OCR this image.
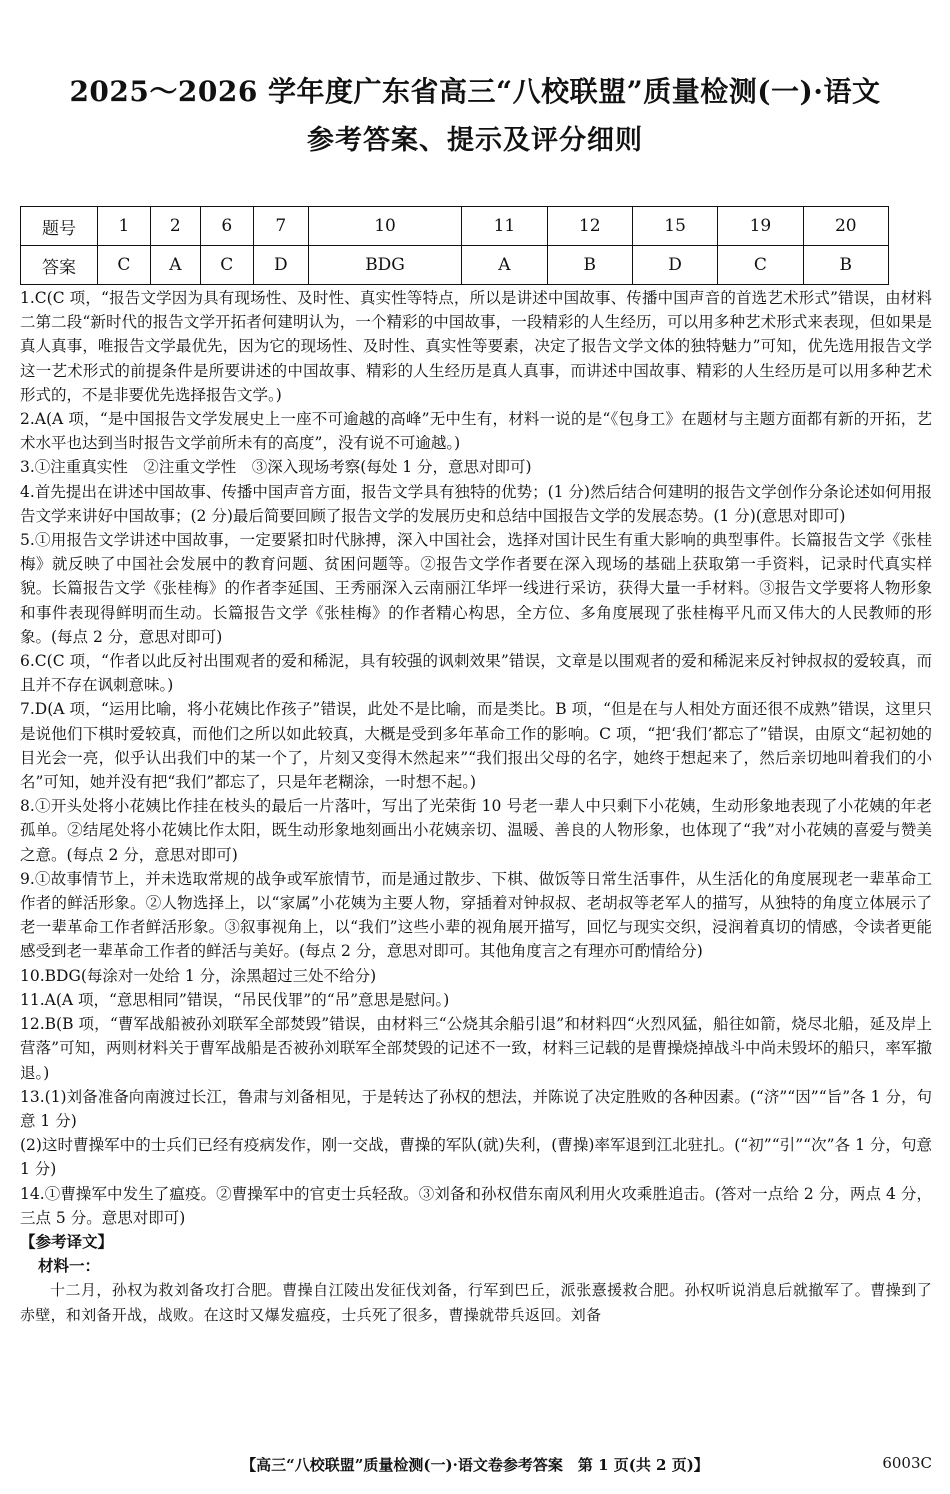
2025～2026 学年度广东省高三“八校联盟”质量检测(一)·语文
参考答案、提示及评分细则
题号	1	2	6	7	10	11	12	15	19	20
答案	C	A	C	D	BDG	A	B	D	C	B

1.C(C 项，“报告文学因为具有现场性、及时性、真实性等特点，所以是讲述中国故事、传播中国声音的首选艺术形式”错误，由材料二第二段“新时代的报告文学开拓者何建明认为，一个精彩的中国故事，一段精彩的人生经历，可以用多种艺术形式来表现，但如果是真人真事，唯报告文学最优先，因为它的现场性、及时性、真实性等要素，决定了报告文学文体的独特魅力”可知，优先选用报告文学这一艺术形式的前提条件是所要讲述的中国故事、精彩的人生经历是真人真事，而讲述中国故事、精彩的人生经历是可以用多种艺术形式的，不是非要优先选择报告文学。)

2.A(A 项，“是中国报告文学发展史上一座不可逾越的高峰”无中生有，材料一说的是“《包身工》在题材与主题方面都有新的开拓，艺术水平也达到当时报告文学前所未有的高度”，没有说不可逾越。)

3.①注重真实性　②注重文学性　③深入现场考察(每处 1 分，意思对即可)

4.首先提出在讲述中国故事、传播中国声音方面，报告文学具有独特的优势；(1 分)然后结合何建明的报告文学创作分条论述如何用报告文学来讲好中国故事；(2 分)最后简要回顾了报告文学的发展历史和总结中国报告文学的发展态势。(1 分)(意思对即可)

5.①用报告文学讲述中国故事，一定要紧扣时代脉搏，深入中国社会，选择对国计民生有重大影响的典型事件。长篇报告文学《张桂梅》就反映了中国社会发展中的教育问题、贫困问题等。②报告文学作者要在深入现场的基础上获取第一手资料，记录时代真实样貌。长篇报告文学《张桂梅》的作者李延国、王秀丽深入云南丽江华坪一线进行采访，获得大量一手材料。③报告文学要将人物形象和事件表现得鲜明而生动。长篇报告文学《张桂梅》的作者精心构思，全方位、多角度展现了张桂梅平凡而又伟大的人民教师的形象。(每点 2 分，意思对即可)

6.C(C 项，“作者以此反衬出围观者的爱和稀泥，具有较强的讽刺效果”错误，文章是以围观者的爱和稀泥来反衬钟叔叔的爱较真，而且并不存在讽刺意味。)

7.D(A 项，“运用比喻，将小花姨比作孩子”错误，此处不是比喻，而是类比。B 项，“但是在与人相处方面还很不成熟”错误，这里只是说他们下棋时爱较真，而他们之所以如此较真，大概是受到多年革命工作的影响。C 项，“把‘我们’都忘了”错误，由原文“起初她的目光会一亮，似乎认出我们中的某一个了，片刻又变得木然起来”“我们报出父母的名字，她终于想起来了，然后亲切地叫着我们的小名”可知，她并没有把“我们”都忘了，只是年老糊涂，一时想不起。)

8.①开头处将小花姨比作挂在枝头的最后一片落叶，写出了光荣街 10 号老一辈人中只剩下小花姨，生动形象地表现了小花姨的年老孤单。②结尾处将小花姨比作太阳，既生动形象地刻画出小花姨亲切、温暖、善良的人物形象，也体现了“我”对小花姨的喜爱与赞美之意。(每点 2 分，意思对即可)

9.①故事情节上，并未选取常规的战争或军旅情节，而是通过散步、下棋、做饭等日常生活事件，从生活化的角度展现老一辈革命工作者的鲜活形象。②人物选择上，以“家属”小花姨为主要人物，穿插着对钟叔叔、老胡叔等老军人的描写，从独特的角度立体展示了老一辈革命工作者鲜活形象。③叙事视角上，以“我们”这些小辈的视角展开描写，回忆与现实交织，浸润着真切的情感，令读者更能感受到老一辈革命工作者的鲜活与美好。(每点 2 分，意思对即可。其他角度言之有理亦可酌情给分)

10.BDG(每涂对一处给 1 分，涂黑超过三处不给分)

11.A(A 项，“意思相同”错误，“吊民伐罪”的“吊”意思是慰问。)

12.B(B 项，“曹军战船被孙刘联军全部焚毁”错误，由材料三“公烧其余船引退”和材料四“火烈风猛，船往如箭，烧尽北船，延及岸上营落”可知，两则材料关于曹军战船是否被孙刘联军全部焚毁的记述不一致，材料三记载的是曹操烧掉战斗中尚未毁坏的船只，率军撤退。)

13.(1)刘备准备向南渡过长江，鲁肃与刘备相见，于是转达了孙权的想法，并陈说了决定胜败的各种因素。(“济”“因”“旨”各 1 分，句意 1 分)
(2)这时曹操军中的士兵们已经有疫病发作，刚一交战，曹操的军队(就)失利，(曹操)率军退到江北驻扎。(“初”“引”“次”各 1 分，句意 1 分)

14.①曹操军中发生了瘟疫。②曹操军中的官吏士兵轻敌。③刘备和孙权借东南风利用火攻乘胜追击。(答对一点给 2 分，两点 4 分，三点 5 分。意思对即可)

【参考译文】

材料一：

十二月，孙权为救刘备攻打合肥。曹操自江陵出发征伐刘备，行军到巴丘，派张憙援救合肥。孙权听说消息后就撤军了。曹操到了赤壁，和刘备开战，战败。在这时又爆发瘟疫，士兵死了很多，曹操就带兵返回。刘备

【高三“八校联盟”质量检测(一)·语文卷参考答案　第 1 页(共 2 页)】	6003C
